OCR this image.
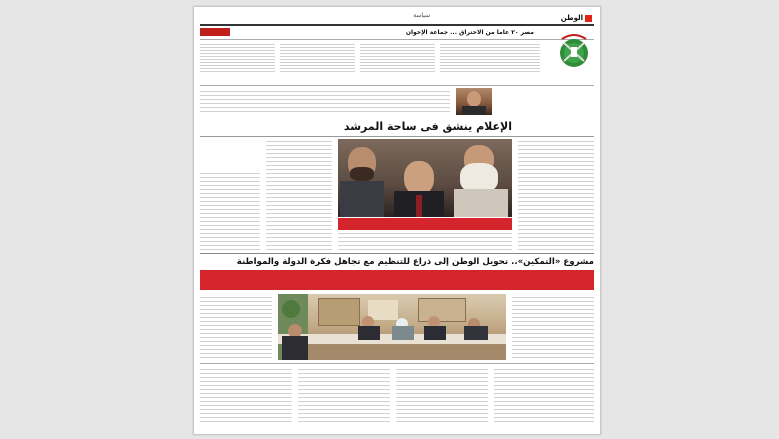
الوطن
سياسة
مصر ٢٠ عاماً من الاختراق ... جماعة الإخوان
الإعلام ينشق فى ساحة المرشد
مشروع «التمكين».. تحويل الوطن إلى ذراع للتنظيم مع تجاهل فكرة الدولة والمواطنة
